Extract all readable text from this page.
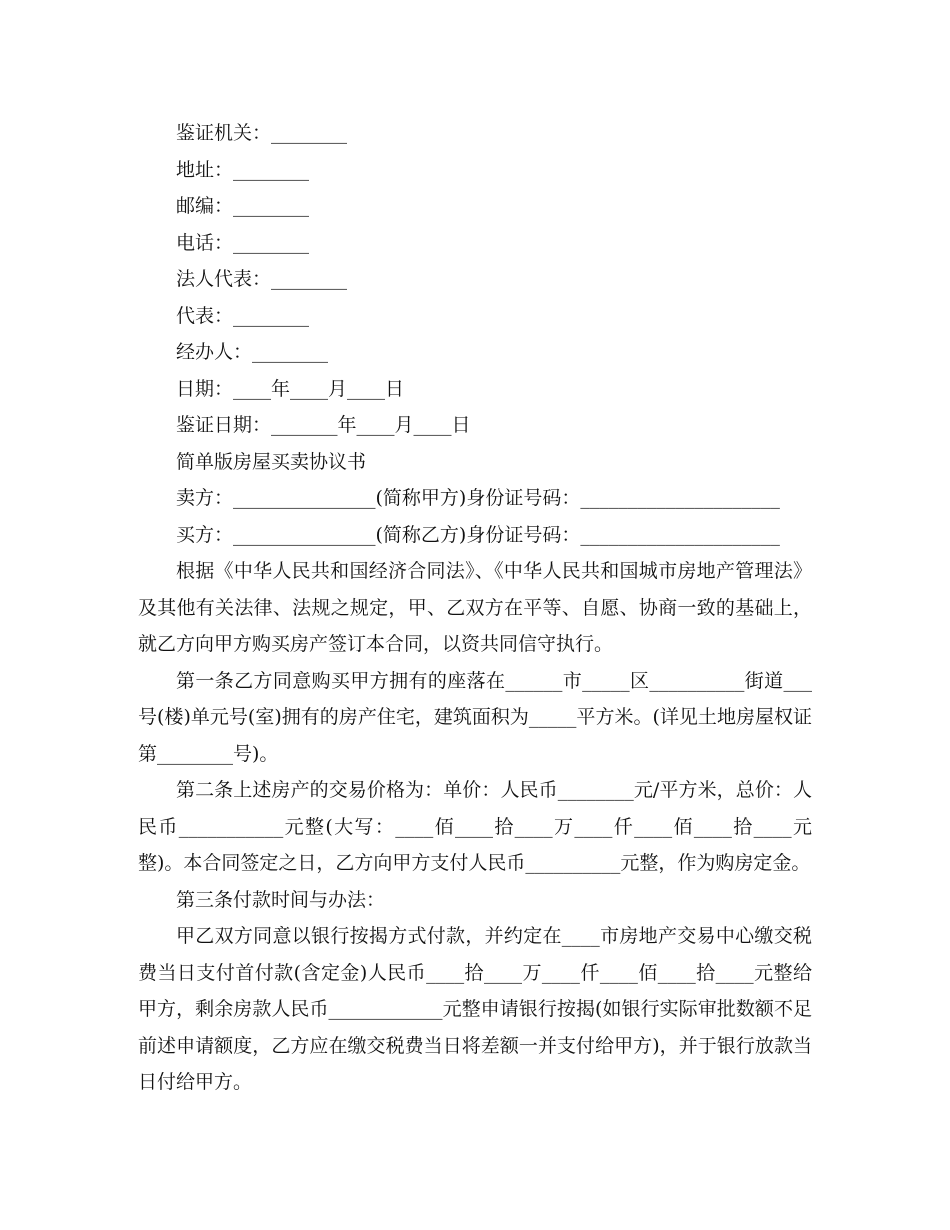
鉴证机关：________
地址：________
邮编：________
电话：________
法人代表：________
代表：________
经办人：________
日期：____年____月____日
鉴证日期：_______年____月____日
简单版房屋买卖协议书
卖方：_______________(简称甲方)身份证号码：_____________________
买方：_______________(简称乙方)身份证号码：_____________________
根据《中华人民共和国经济合同法》、《中华人民共和国城市房地产管理法》及其他有关法律、法规之规定，甲、乙双方在平等、自愿、协商一致的基础上，就乙方向甲方购买房产签订本合同，以资共同信守执行。
第一条乙方同意购买甲方拥有的座落在______市_____区__________街道___号(楼)单元号(室)拥有的房产住宅，建筑面积为_____平方米。(详见土地房屋权证第________号)。
第二条上述房产的交易价格为：单价：人民币________元/平方米，总价：人民币___________元整(大写：____佰____拾____万____仟____佰____拾____元整)。本合同签定之日，乙方向甲方支付人民币__________元整，作为购房定金。
第三条付款时间与办法：
甲乙双方同意以银行按揭方式付款，并约定在____市房地产交易中心缴交税费当日支付首付款(含定金)人民币____拾____万____仟____佰____拾____元整给甲方，剩余房款人民币____________元整申请银行按揭(如银行实际审批数额不足前述申请额度，乙方应在缴交税费当日将差额一并支付给甲方)，并于银行放款当日付给甲方。
